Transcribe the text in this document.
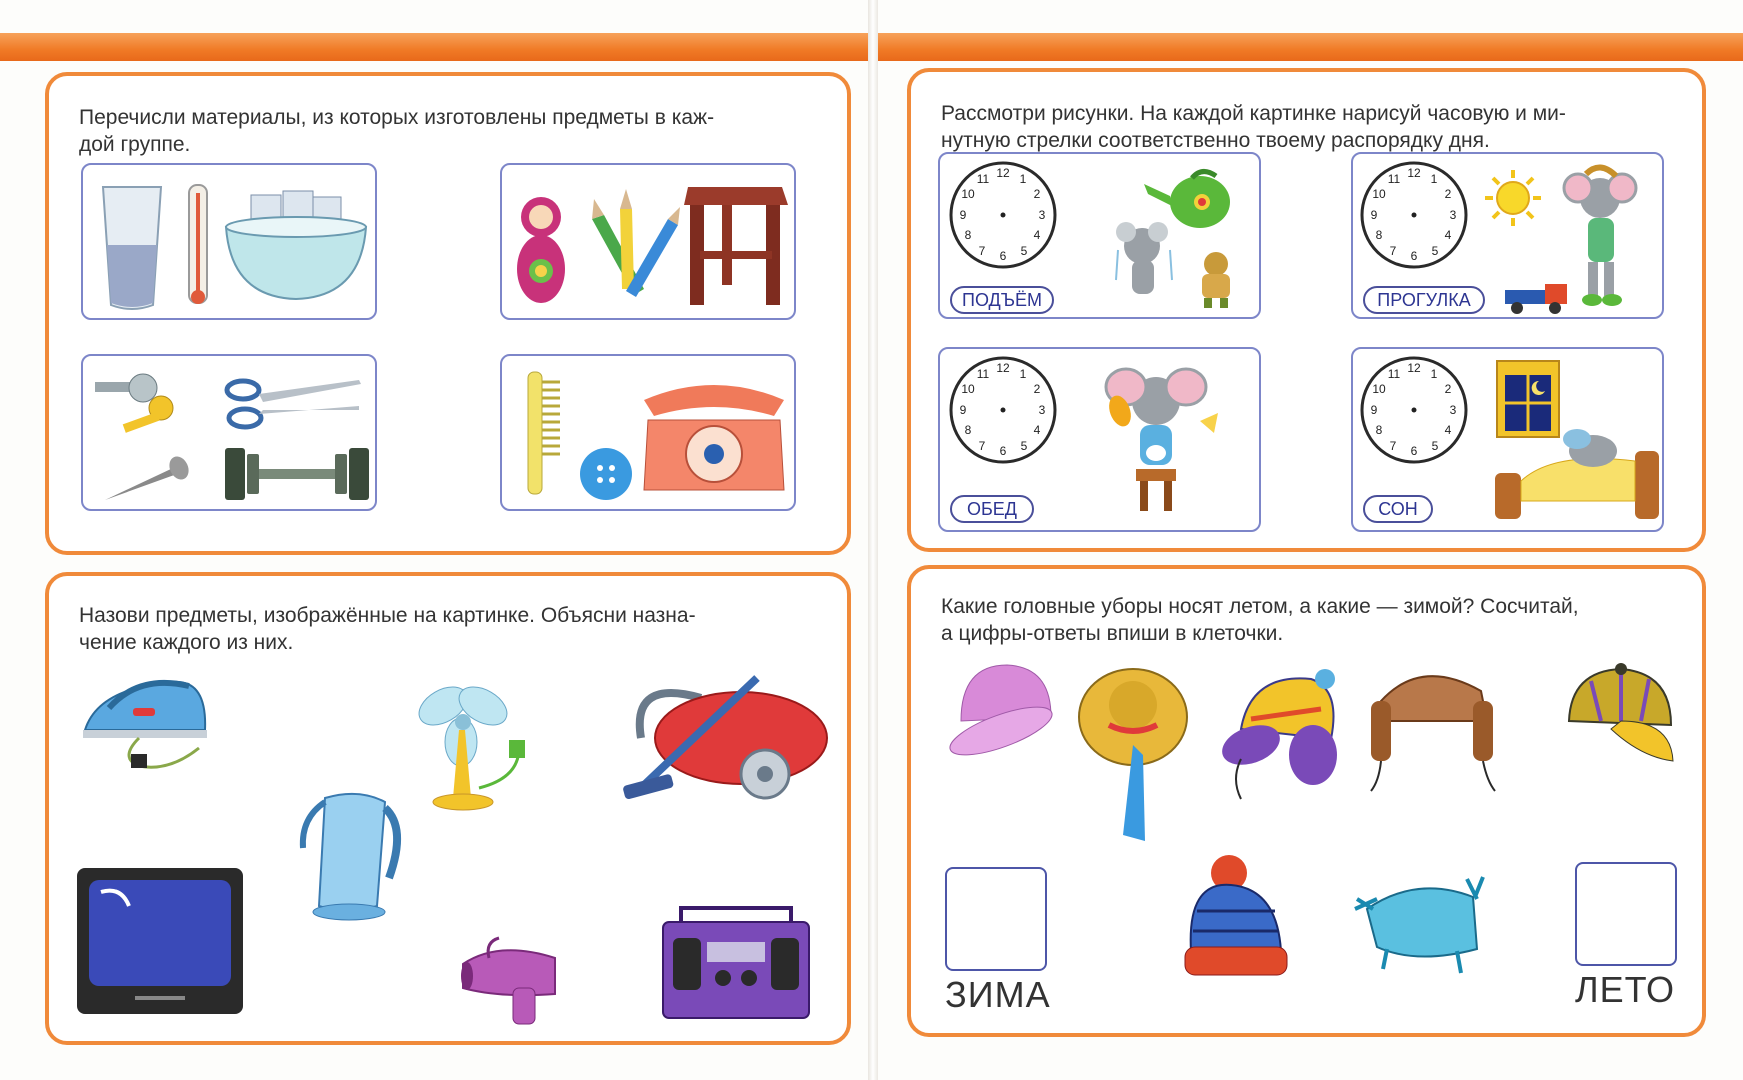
Перечисли материалы, из которых изготовлены предметы в каж-
дой группе.
Рассмотри рисунки. На каждой картинке нарисуй часовую и ми-
нутную стрелки соответственно твоему распорядку дня.
12 1
2
3
4
5
6
7
8
9
10
11
ПОДЪЁМ
12 1
2
3
4
5
6
7
8
9
10
11
ПРОГУЛКА
12 1
2
3
4
5
6
7
8
9
10
11
ОБЕД
12 1
2
3
4
5
6
7
8
9
10
11
СОН
Назови предметы, изображённые на картинке. Объясни назна-
чение каждого из них.
Какие головные уборы носят летом, а какие — зимой? Сосчитай,
а цифры-ответы впиши в клеточки.
ЗИМА	ЛЕТО
